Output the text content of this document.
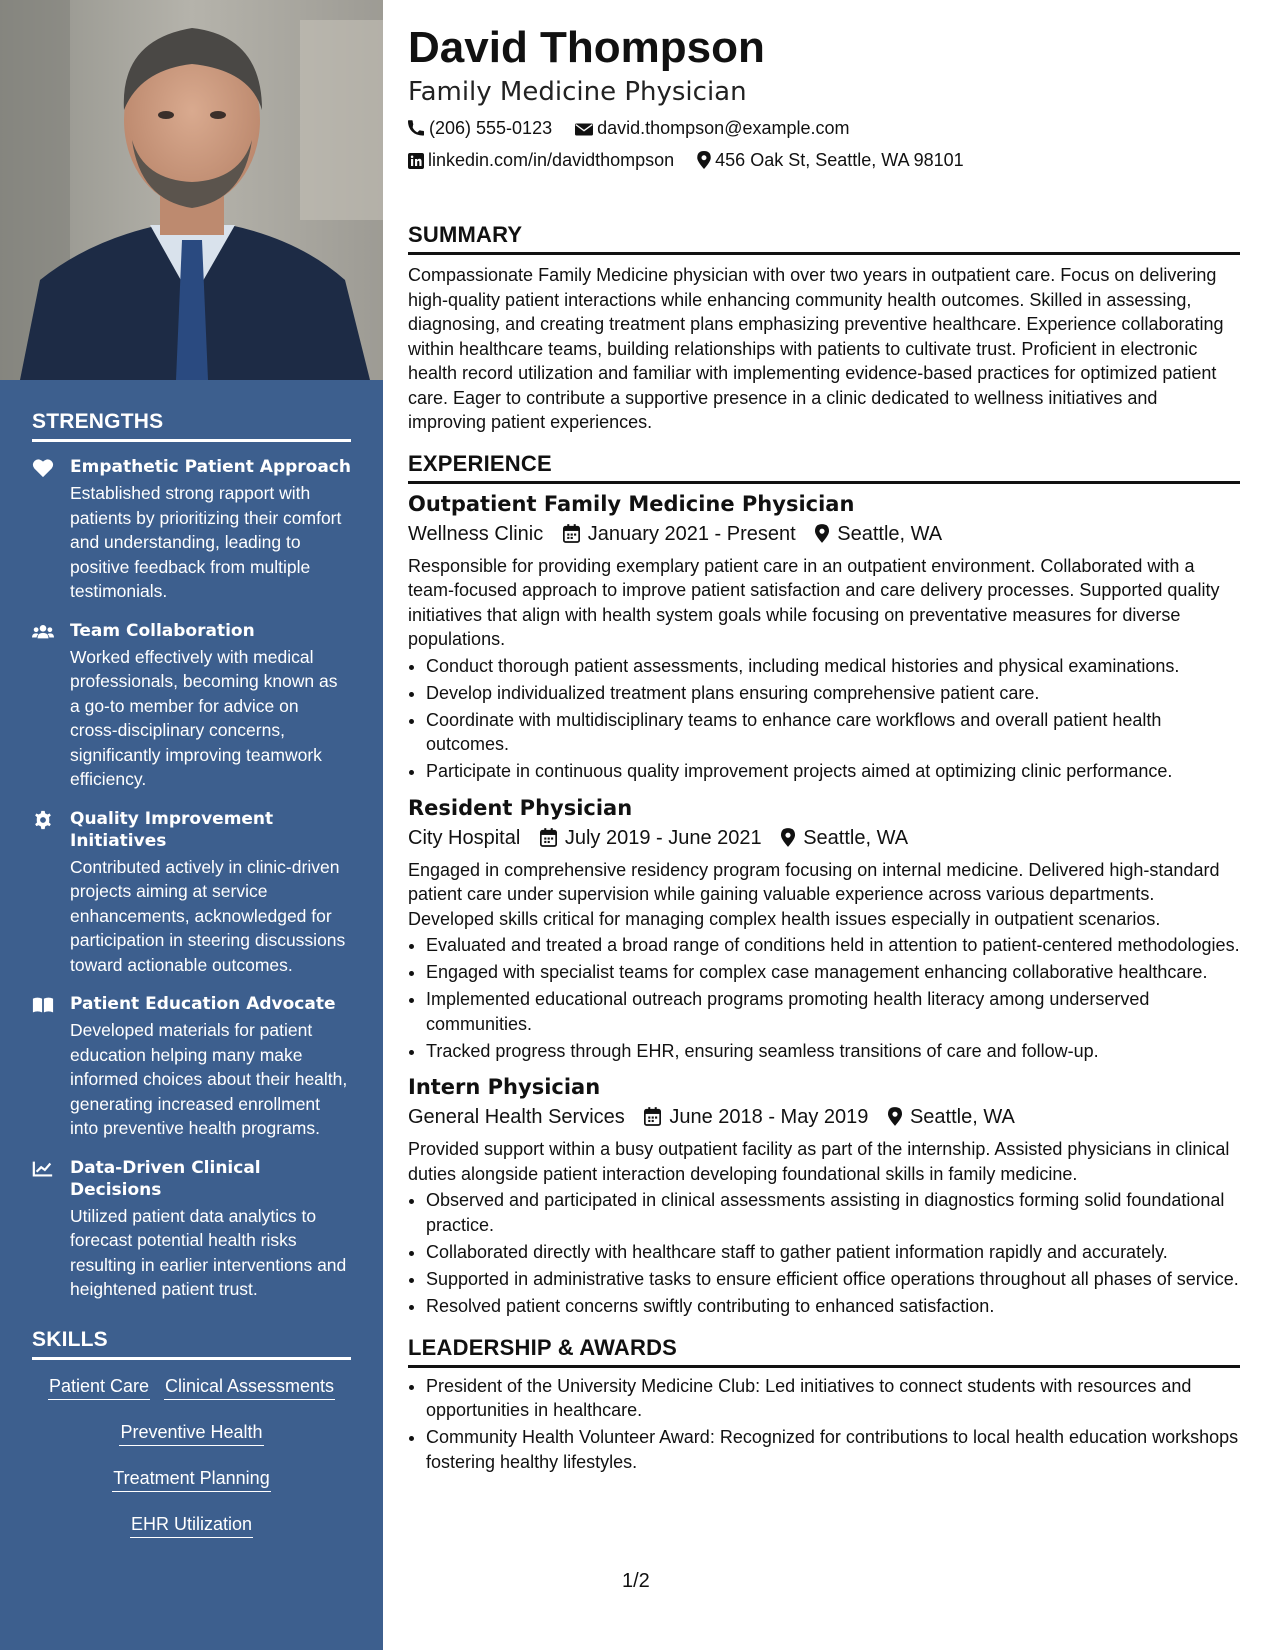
STRENGTHS
Empathetic Patient Approach
Established strong rapport with patients by prioritizing their comfort and understanding, leading to positive feedback from multiple testimonials.
Team Collaboration
Worked effectively with medical professionals, becoming known as a go-to member for advice on cross-disciplinary concerns, significantly improving teamwork efficiency.
Quality Improvement Initiatives
Contributed actively in clinic-driven projects aiming at service enhancements, acknowledged for participation in steering discussions toward actionable outcomes.
Patient Education Advocate
Developed materials for patient education helping many make informed choices about their health, generating increased enrollment into preventive health programs.
Data-Driven Clinical Decisions
Utilized patient data analytics to forecast potential health risks resulting in earlier interventions and heightened patient trust.
SKILLS
Patient Care Clinical Assessments
Preventive Health
Treatment Planning
EHR Utilization
David Thompson
Family Medicine Physician
(206) 555-0123	david.thompson@example.com
linkedin.com/in/davidthompson 456 Oak St, Seattle, WA 98101
SUMMARY
Compassionate Family Medicine physician with over two years in outpatient care. Focus on delivering high-quality patient interactions while enhancing community health outcomes. Skilled in assessing, diagnosing, and creating treatment plans emphasizing preventive healthcare. Experience collaborating within healthcare teams, building relationships with patients to cultivate trust. Proficient in electronic health record utilization and familiar with implementing evidence-based practices for optimized patient care. Eager to contribute a supportive presence in a clinic dedicated to wellness initiatives and improving patient experiences.
EXPERIENCE
Outpatient Family Medicine Physician
Wellness Clinic January 2021 - Present Seattle, WA
Responsible for providing exemplary patient care in an outpatient environment. Collaborated with a team-focused approach to improve patient satisfaction and care delivery processes. Supported quality initiatives that align with health system goals while focusing on preventative measures for diverse populations.
• Conduct thorough patient assessments, including medical histories and physical examinations.
• Develop individualized treatment plans ensuring comprehensive patient care.
• Coordinate with multidisciplinary teams to enhance care workflows and overall patient health outcomes.
• Participate in continuous quality improvement projects aimed at optimizing clinic performance.
Resident Physician
City Hospital July 2019 - June 2021 Seattle, WA
Engaged in comprehensive residency program focusing on internal medicine. Delivered high-standard patient care under supervision while gaining valuable experience across various departments. Developed skills critical for managing complex health issues especially in outpatient scenarios.
• Evaluated and treated a broad range of conditions held in attention to patient-centered methodologies.
• Engaged with specialist teams for complex case management enhancing collaborative healthcare.
• Implemented educational outreach programs promoting health literacy among underserved communities.
• Tracked progress through EHR, ensuring seamless transitions of care and follow-up.
Intern Physician
General Health Services June 2018 - May 2019 Seattle, WA
Provided support within a busy outpatient facility as part of the internship. Assisted physicians in clinical duties alongside patient interaction developing foundational skills in family medicine.
• Observed and participated in clinical assessments assisting in diagnostics forming solid foundational practice.
• Collaborated directly with healthcare staff to gather patient information rapidly and accurately.
• Supported in administrative tasks to ensure efficient office operations throughout all phases of service.
• Resolved patient concerns swiftly contributing to enhanced satisfaction.
LEADERSHIP & AWARDS
• President of the University Medicine Club: Led initiatives to connect students with resources and opportunities in healthcare.
• Community Health Volunteer Award: Recognized for contributions to local health education workshops fostering healthy lifestyles.
1/2
